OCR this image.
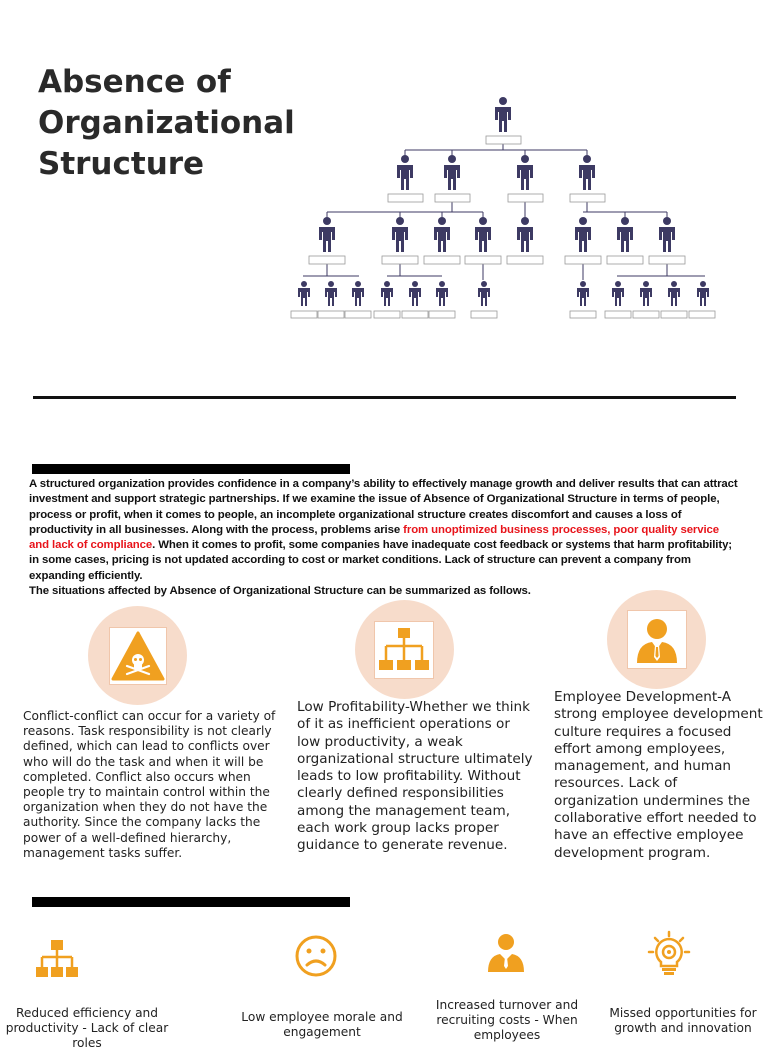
Absence of
Organizational
Structure

A structured organization provides confidence in a company’s ability to effectively manage growth and deliver results that can attract investment and support strategic partnerships. If we examine the issue of Absence of Organizational Structure in terms of people, process or profit, when it comes to people, an incomplete organizational structure creates discomfort and causes a loss of productivity in all businesses. Along with the process, problems arise from unoptimized business processes, poor quality service and lack of compliance. When it comes to profit, some companies have inadequate cost feedback or systems that harm profitability; in some cases, pricing is not updated according to cost or market conditions. Lack of structure can prevent a company from expanding efficiently.

The situations affected by Absence of Organizational Structure can be summarized as follows.

Conflict-conflict can occur for a variety of reasons. Task responsibility is not clearly defined, which can lead to conflicts over who will do the task and when it will be completed. Conflict also occurs when people try to maintain control within the organization when they do not have the authority. Since the company lacks the power of a well-defined hierarchy, management tasks suffer.
Low Profitability-Whether we think of it as inefficient operations or low productivity, a weak organizational structure ultimately leads to low profitability. Without clearly defined responsibilities among the management team, each work group lacks proper guidance to generate revenue.
Employee Development-A strong employee development culture requires a focused effort among employees, management, and human resources. Lack of organization undermines the collaborative effort needed to have an effective employee development program.
Reduced efficiency and productivity - Lack of clear roles
Low employee morale and engagement
Increased turnover and recruiting costs - When employees
Missed opportunities for growth and innovation
